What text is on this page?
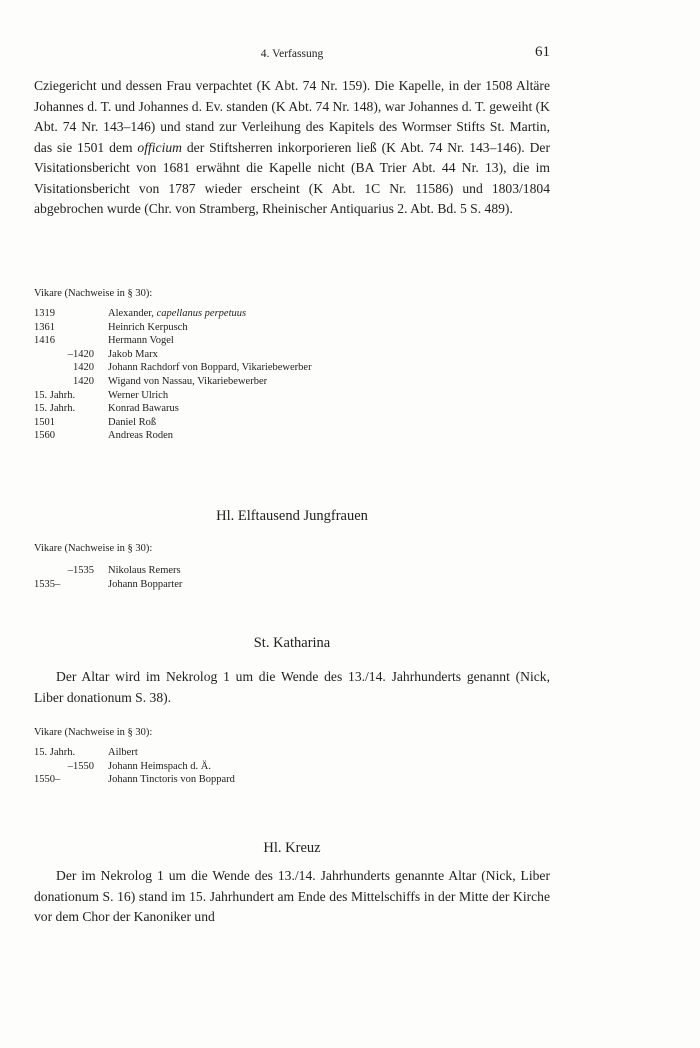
4. Verfassung	61

Cziegericht und dessen Frau verpachtet (K Abt. 74 Nr. 159). Die Kapelle, in der 1508 Altäre Johannes d. T. und Johannes d. Ev. standen (K Abt. 74 Nr. 148), war Johannes d. T. geweiht (K Abt. 74 Nr. 143–146) und stand zur Verleihung des Kapitels des Wormser Stifts St. Martin, das sie 1501 dem officium der Stiftsherren inkorporieren ließ (K Abt. 74 Nr. 143–146). Der Visitationsbericht von 1681 erwähnt die Kapelle nicht (BA Trier Abt. 44 Nr. 13), die im Visitationsbericht von 1787 wieder erscheint (K Abt. 1C Nr. 11586) und 1803/1804 abgebrochen wurde (Chr. von Stramberg, Rheinischer Antiquarius 2. Abt. Bd. 5 S. 489).

Vikare (Nachweise in § 30):
1319	Alexander, capellanus perpetuus
1361	Heinrich Kerpusch
1416	Hermann Vogel
–1420	Jakob Marx
1420	Johann Rachdorf von Boppard, Vikariebewerber
1420	Wigand von Nassau, Vikariebewerber
15. Jahrh.	Werner Ulrich
15. Jahrh.	Konrad Bawarus
1501	Daniel Roß
1560	Andreas Roden
Hl. Elftausend Jungfrauen
Vikare (Nachweise in § 30):
–1535	Nikolaus Remers
1535–	Johann Bopparter
St. Katharina

Der Altar wird im Nekrolog 1 um die Wende des 13./14. Jahrhunderts genannt (Nick, Liber donationum S. 38).

Vikare (Nachweise in § 30):
15. Jahrh.	Ailbert
–1550	Johann Heimspach d. Ä.
1550–	Johann Tinctoris von Boppard
Hl. Kreuz

Der im Nekrolog 1 um die Wende des 13./14. Jahrhunderts genannte Altar (Nick, Liber donationum S. 16) stand im 15. Jahrhundert am Ende des Mittelschiffs in der Mitte der Kirche vor dem Chor der Kanoniker und
